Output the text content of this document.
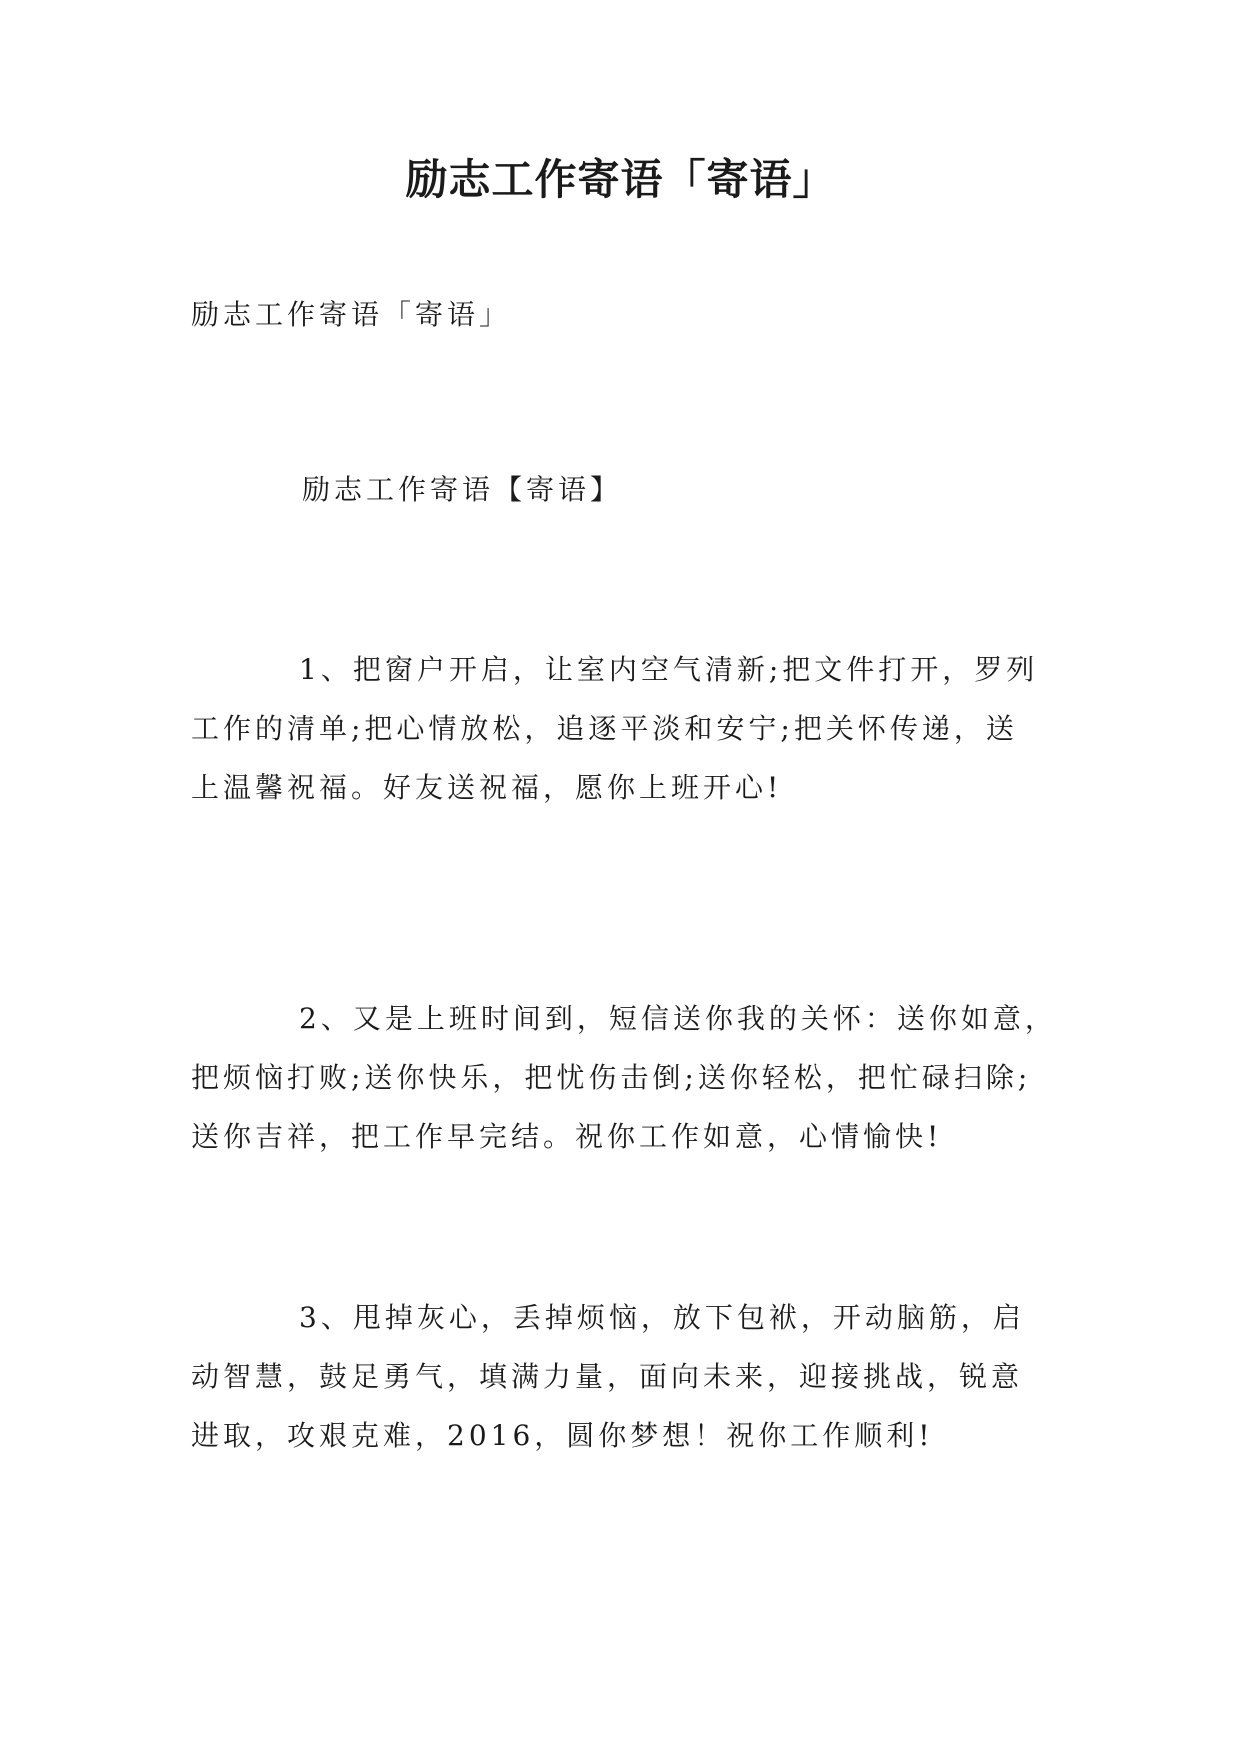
励志工作寄语「寄语」

励志工作寄语「寄语」

励志工作寄语【寄语】

1、把窗户开启，让室内空气清新;把文件打开，罗列
工作的清单;把心情放松，追逐平淡和安宁;把关怀传递，送
上温馨祝福。好友送祝福，愿你上班开心!
2、又是上班时间到，短信送你我的关怀：送你如意，
把烦恼打败;送你快乐，把忧伤击倒;送你轻松，把忙碌扫除;
送你吉祥，把工作早完结。祝你工作如意，心情愉快!
3、甩掉灰心，丢掉烦恼，放下包袱，开动脑筋，启
动智慧，鼓足勇气，填满力量，面向未来，迎接挑战，锐意
进取，攻艰克难，2016，圆你梦想！祝你工作顺利!
